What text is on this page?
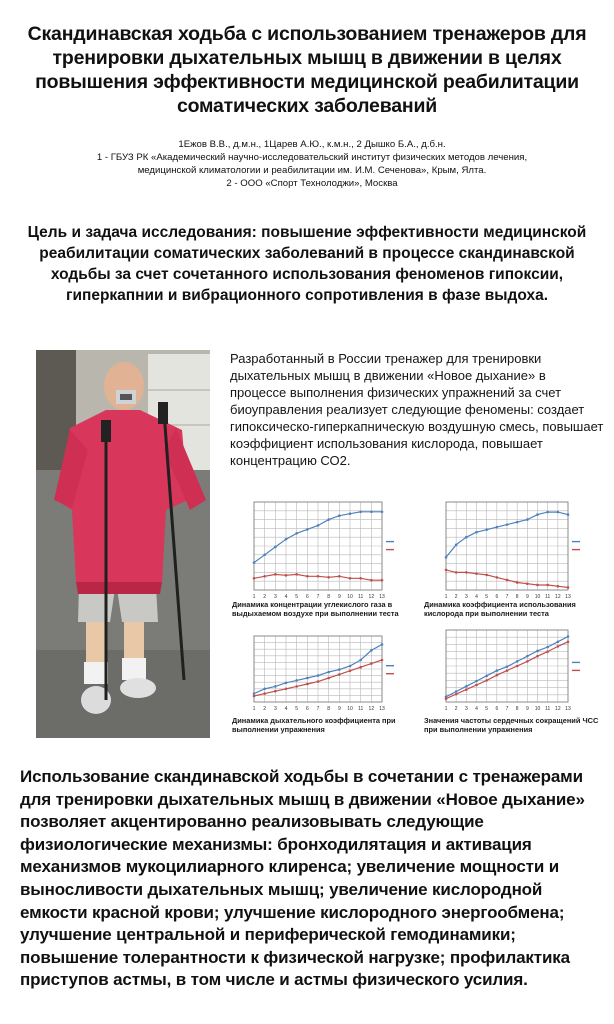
Скандинавская ходьба с использованием тренажеров для тренировки дыхательных мышц в движении в целях повышения эффективности медицинской реабилитации соматических заболеваний
1Ежов В.В., д.м.н., 1Царев А.Ю., к.м.н., 2 Дышко Б.А., д.б.н.
1 - ГБУЗ РК «Академический научно-исследовательский институт физических методов лечения, медицинской климатологии и реабилитации им. И.М. Сеченова», Крым, Ялта.
2 - ООО «Спорт Технолоджи», Москва
Цель и задача исследования: повышение эффективности медицинской реабилитации соматических заболеваний в процессе скандинавской ходьбы за счет сочетанного использования феноменов гипоксии, гиперкапнии и вибрационного сопротивления в фазе выдоха.
Разработанный в России тренажер для тренировки дыхательных мышц в движении «Новое дыхание» в процессе выполнения физических упражнений за счет биоуправления реализует следующие феномены: создает гипоксическо-гиперкапническую воздушную смесь, повышает коэффициент использования кислорода, повышает концентрацию СО2.
1 2 3 4 5 6 7 8 9 10 11 12 13
Динамика концентрации углекислого газа в выдыхаемом воздухе при выполнении теста
1 2 3 4 5 6 7 8 9 10 11 12 13
Динамика коэффициента использования кислорода при выполнении теста
1 2 3 4 5 6 7 8 9 10 11 12 13
Динамика дыхательного коэффициента при выполнении упражнения
1 2 3 4 5 6 7 8 9 10 11 12 13
Значения частоты сердечных сокращений ЧСС при выполнении упражнения
Использование скандинавской ходьбы в сочетании с тренажерами для тренировки дыхательных мышц в движении «Новое дыхание» позволяет акцентированно реализовывать следующие физиологические механизмы: бронходилятация и активация механизмов мукоцилиарного клиренса; увеличение мощности и выносливости дыхательных мышц; увеличение кислородной емкости красной крови; улучшение кислородного энергообмена; улучшение центральной и периферической гемодинамики; повышение толерантности к физической нагрузке; профилактика приступов астмы, в том числе и астмы физического усилия.
